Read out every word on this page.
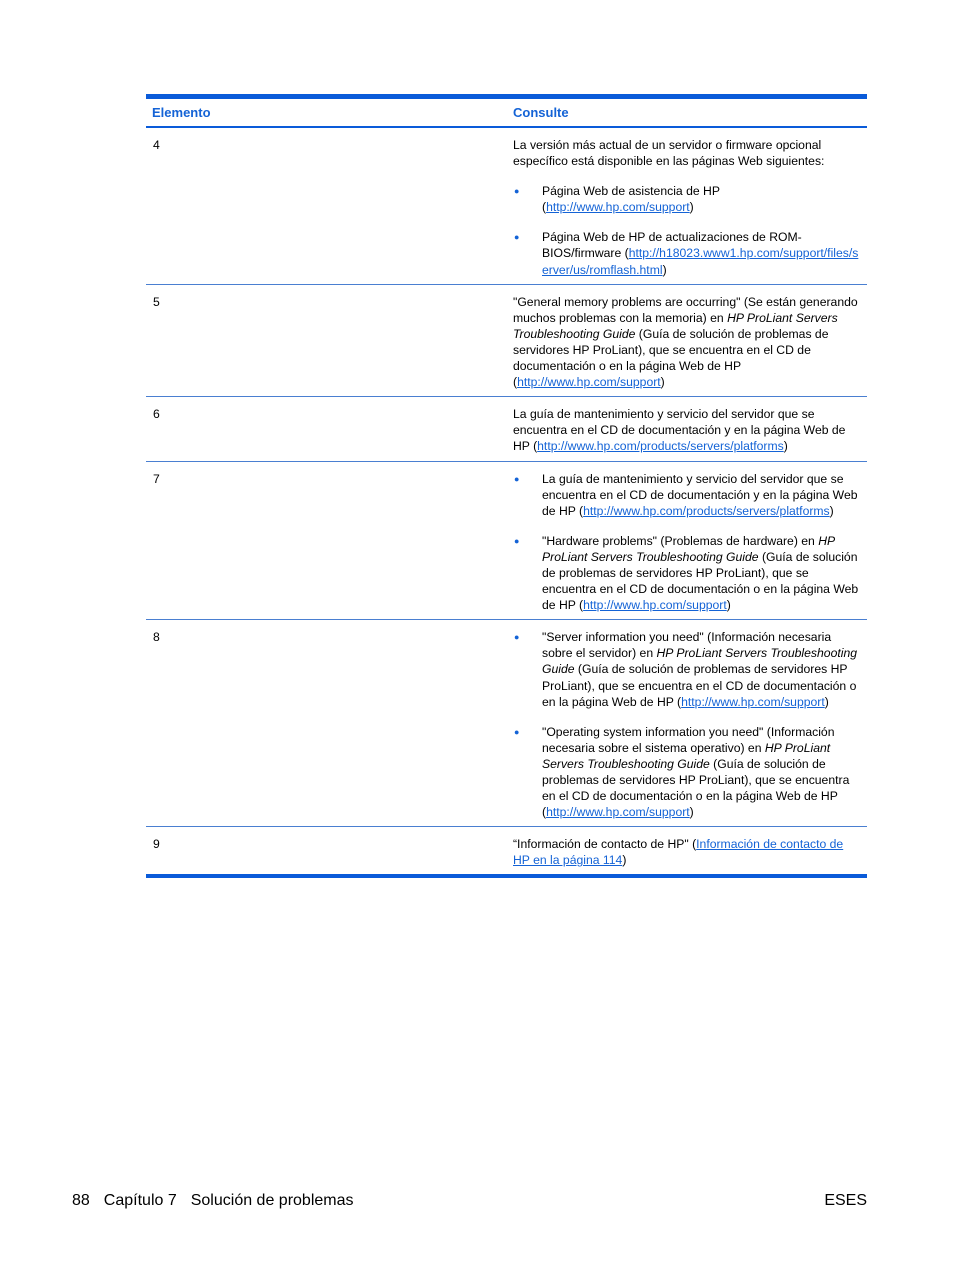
Elemento	Consulte
4	La versión más actual de un servidor o firmware opcional específico está disponible en las páginas Web siguientes:

● Página Web de asistencia de HP (http://www.hp.com/support)
● Página Web de HP de actualizaciones de ROM-BIOS/firmware (http://h18023.www1.hp.com/support/files/server/us/romflash.html)
5	"General memory problems are occurring" (Se están generando muchos problemas con la memoria) en HP ProLiant Servers Troubleshooting Guide (Guía de solución de problemas de servidores HP ProLiant), que se encuentra en el CD de documentación o en la página Web de HP (http://www.hp.com/support)

6	La guía de mantenimiento y servicio del servidor que se encuentra en el CD de documentación y en la página Web de HP (http://www.hp.com/products/servers/platforms)

7	● La guía de mantenimiento y servicio del servidor que se encuentra en el CD de documentación y en la página Web de HP (http://www.hp.com/products/servers/platforms)
● "Hardware problems" (Problemas de hardware) en HP ProLiant Servers Troubleshooting Guide (Guía de solución de problemas de servidores HP ProLiant), que se encuentra en el CD de documentación o en la página Web de HP (http://www.hp.com/support)
8	● "Server information you need" (Información necesaria sobre el servidor) en HP ProLiant Servers Troubleshooting Guide (Guía de solución de problemas de servidores HP ProLiant), que se encuentra en el CD de documentación o en la página Web de HP (http://www.hp.com/support)
● "Operating system information you need" (Información necesaria sobre el sistema operativo) en HP ProLiant Servers Troubleshooting Guide (Guía de solución de problemas de servidores HP ProLiant), que se encuentra en el CD de documentación o en la página Web de HP (http://www.hp.com/support)
9	“Información de contacto de HP" (Información de contacto de HP en la página 114)

88 Capítulo 7 Solución de problemas	ESES
